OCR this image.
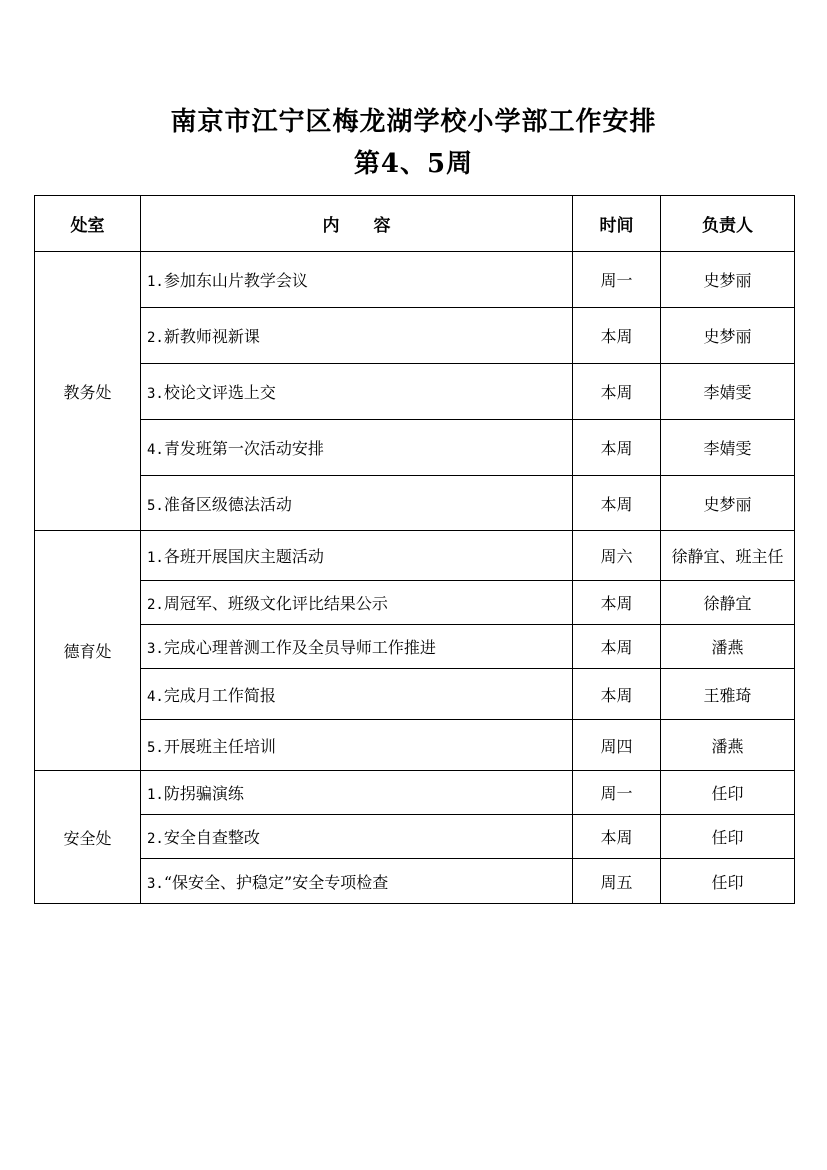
南京市江宁区梅龙湖学校小学部工作安排
第4、5周
处室	内　　容	时间	负责人
教务处	1.参加东山片教学会议	周一	史梦丽
	2.新教师视新课	本周	史梦丽
	3.校论文评选上交	本周	李婧雯
	4.青发班第一次活动安排	本周	李婧雯
	5.准备区级德法活动	本周	史梦丽
德育处	1.各班开展国庆主题活动	周六	徐静宜、班主任
	2.周冠军、班级文化评比结果公示	本周	徐静宜
	3.完成心理普测工作及全员导师工作推进	本周	潘燕
	4.完成月工作简报	本周	王雅琦
	5.开展班主任培训	周四	潘燕
安全处	1.防拐骗演练	周一	任印
	2.安全自查整改	本周	任印
	3.“保安全、护稳定”安全专项检查	周五	任印
